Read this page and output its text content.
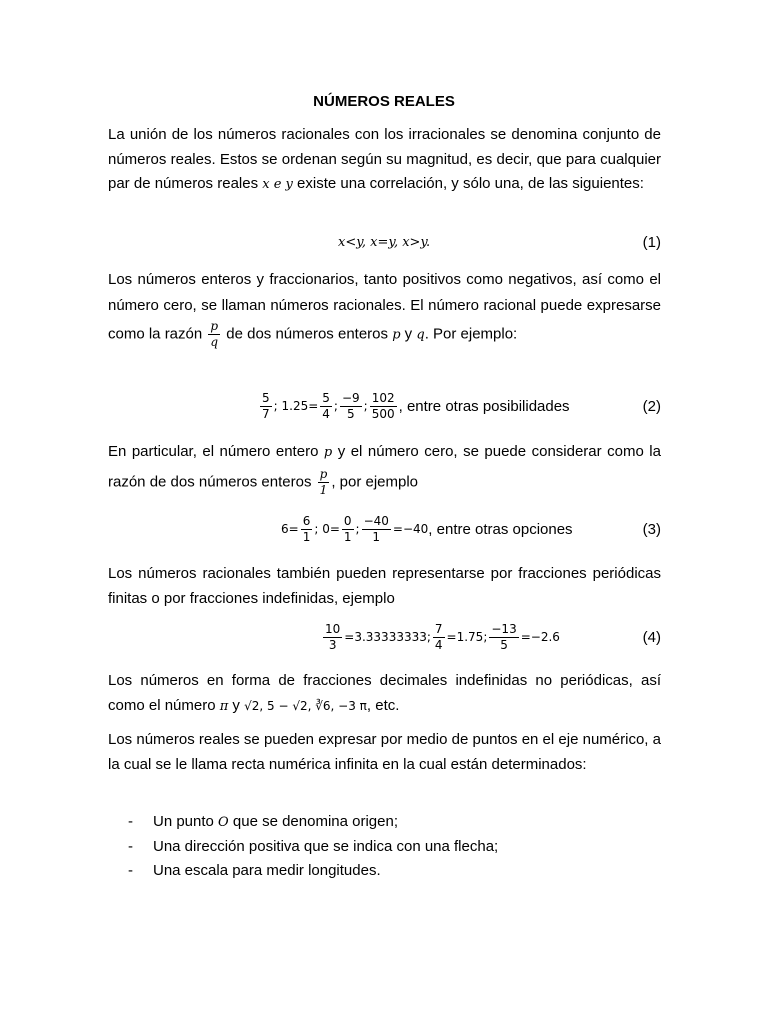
NÚMEROS REALES
La unión de los números racionales con los irracionales se denomina conjunto de números reales. Estos se ordenan según su magnitud, es decir, que para cualquier par de números reales x e y existe una correlación, y sólo una, de las siguientes:
x<y, x=y, x>y.	(1)
Los números enteros y fraccionarios, tanto positivos como negativos, así como el número cero, se llaman números racionales. El número racional puede expresarse como la razón $\frac{p}{q}$ de dos números enteros p y q. Por ejemplo:
$\frac{5}{7}$ ; $1.25= \frac{5}{4}$ ; $\frac{-9}{5}$ ; $\frac{102}{500}$ , entre otras posibilidades	(2)
En particular, el número entero p y el número cero, se puede considerar como la razón de dos números enteros $\frac{p}{1}$ , por ejemplo
$6= \frac{6}{1}$ ; $0= \frac{0}{1}$ ; $\frac{-40}{1} =-40$ , entre otras opciones	(3)
Los números racionales también pueden representarse por fracciones periódicas finitas o por fracciones indefinidas, ejemplo
$\frac{10}{3} =3.33333333$; $\frac{7}{4} =1.75$; $\frac{-13}{5} =-2.6$	(4)
Los números en forma de fracciones decimales indefinidas no periódicas, así como el número π y √2, 5 − √2, ∛6, −3 π, etc.
Los números reales se pueden expresar por medio de puntos en el eje numérico, a la cual se le llama recta numérica infinita en la cual están determinados:
- Un punto O que se denomina origen;
- Una dirección positiva que se indica con una flecha;
- Una escala para medir longitudes.
